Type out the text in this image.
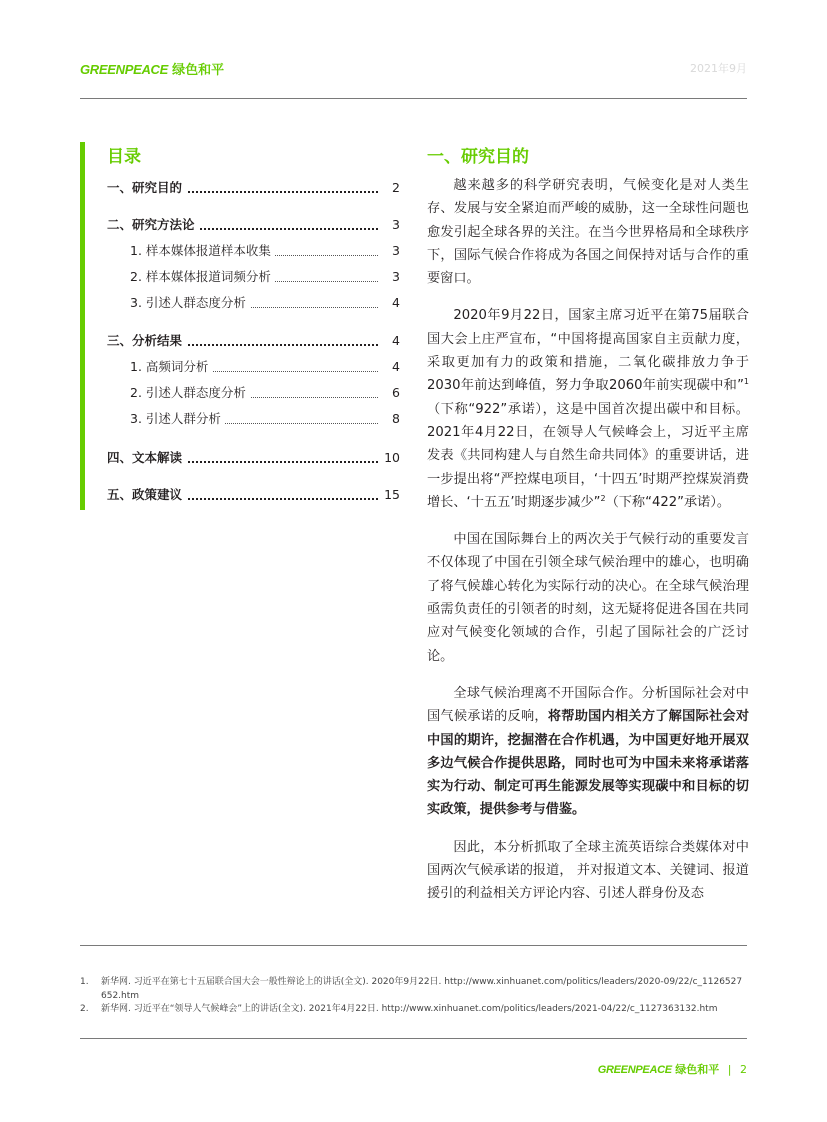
GREENPEACE 绿色和平	2021年9月
目录
一、研究目的	2
二、研究方法论	3
1. 样本媒体报道样本收集	3
2. 样本媒体报道词频分析	3
3. 引述人群态度分析	4
三、分析结果	4
1. 高频词分析	4
2. 引述人群态度分析	6
3. 引述人群分析	8
四、文本解读	10
五、政策建议	15
一、研究目的

越来越多的科学研究表明，气候变化是对人类生存、发展与安全紧迫而严峻的威胁，这一全球性问题也愈发引起全球各界的关注。在当今世界格局和全球秩序下，国际气候合作将成为各国之间保持对话与合作的重要窗口。

2020年9月22日，国家主席习近平在第75届联合国大会上庄严宣布，“中国将提高国家自主贡献力度，采取更加有力的政策和措施，二氧化碳排放力争于2030年前达到峰值，努力争取2060年前实现碳中和”$^1$（下称“922”承诺），这是中国首次提出碳中和目标。2021年4月22日，在领导人气候峰会上，习近平主席发表《共同构建人与自然生命共同体》的重要讲话，进一步提出将“严控煤电项目，‘十四五’时期严控煤炭消费增长、‘十五五’时期逐步减少”$^2$（下称“422”承诺）。

中国在国际舞台上的两次关于气候行动的重要发言不仅体现了中国在引领全球气候治理中的雄心，也明确了将气候雄心转化为实际行动的决心。在全球气候治理亟需负责任的引领者的时刻，这无疑将促进各国在共同应对气候变化领域的合作，引起了国际社会的广泛讨论。

全球气候治理离不开国际合作。分析国际社会对中国气候承诺的反响，将帮助国内相关方了解国际社会对中国的期许，挖掘潜在合作机遇，为中国更好地开展双多边气候合作提供思路，同时也可为中国未来将承诺落实为行动、制定可再生能源发展等实现碳中和目标的切实政策，提供参考与借鉴。

因此，本分析抓取了全球主流英语综合类媒体对中国两次气候承诺的报道， 并对报道文本、关键词、报道援引的利益相关方评论内容、引述人群身份及态

1. 新华网. 习近平在第七十五届联合国大会一般性辩论上的讲话(全文). 2020年9月22日. http://www.xinhuanet.com/politics/leaders/2020-09/22/c_1126527652.htm
2. 新华网. 习近平在“领导人气候峰会”上的讲话(全文). 2021年4月22日. http://www.xinhuanet.com/politics/leaders/2021-04/22/c_1127363132.htm
GREENPEACE 绿色和平 | 2
